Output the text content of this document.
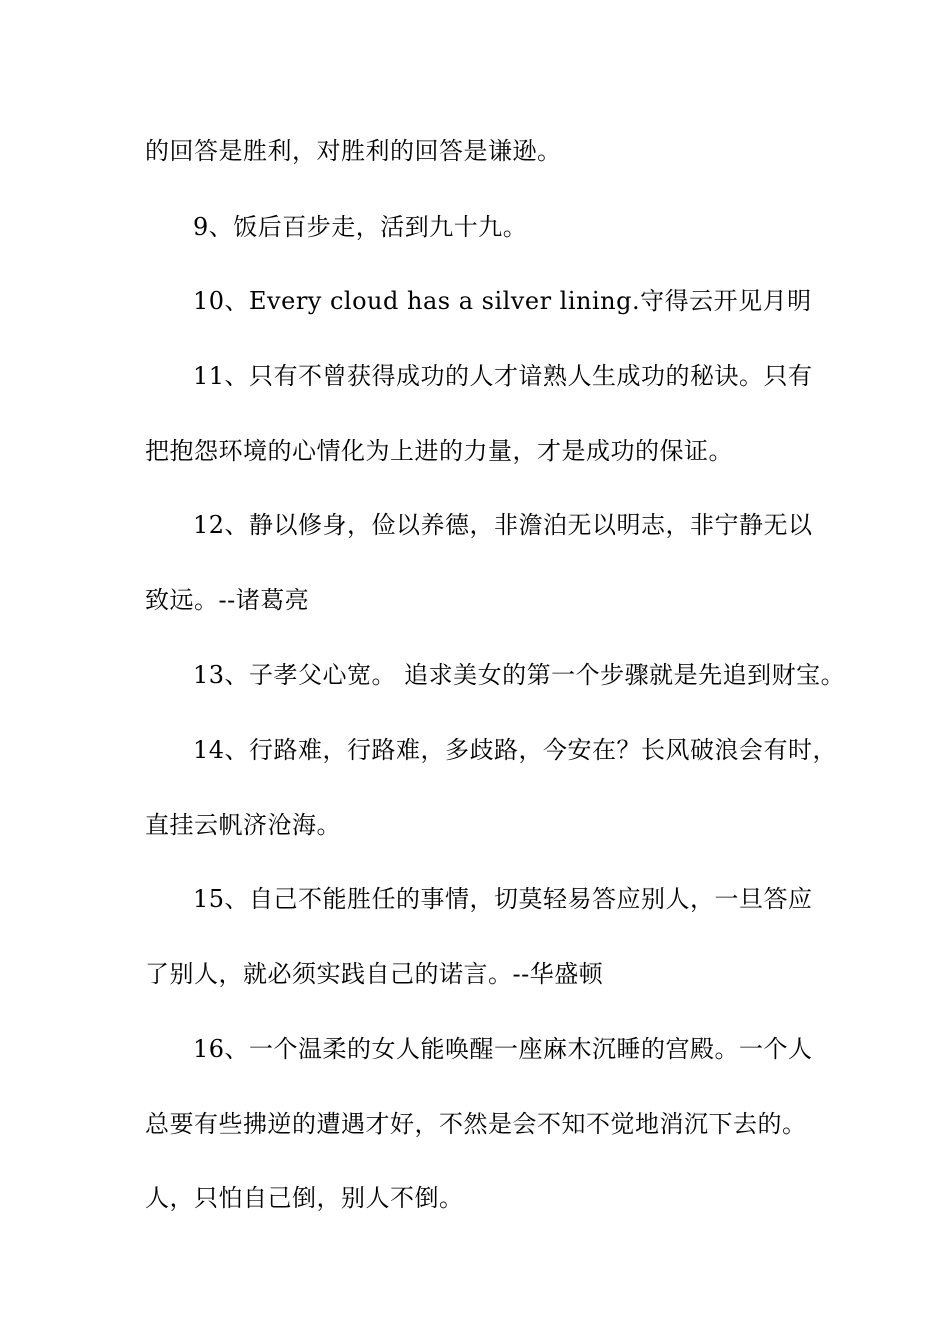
的回答是胜利，对胜利的回答是谦逊。
9、饭后百步走，活到九十九。
10、Every cloud has a silver lining.守得云开见月明
11、只有不曾获得成功的人才谙熟人生成功的秘诀。只有
把抱怨环境的心情化为上进的力量，才是成功的保证。
12、静以修身，俭以养德，非澹泊无以明志，非宁静无以
致远。--诸葛亮
13、子孝父心宽。 追求美女的第一个步骤就是先追到财宝。
14、行路难，行路难，多歧路，今安在？长风破浪会有时，
直挂云帆济沧海。
15、自己不能胜任的事情，切莫轻易答应别人，一旦答应
了别人，就必须实践自己的诺言。--华盛顿
16、一个温柔的女人能唤醒一座麻木沉睡的宫殿。一个人
总要有些拂逆的遭遇才好，不然是会不知不觉地消沉下去的。
人，只怕自己倒，别人不倒。
